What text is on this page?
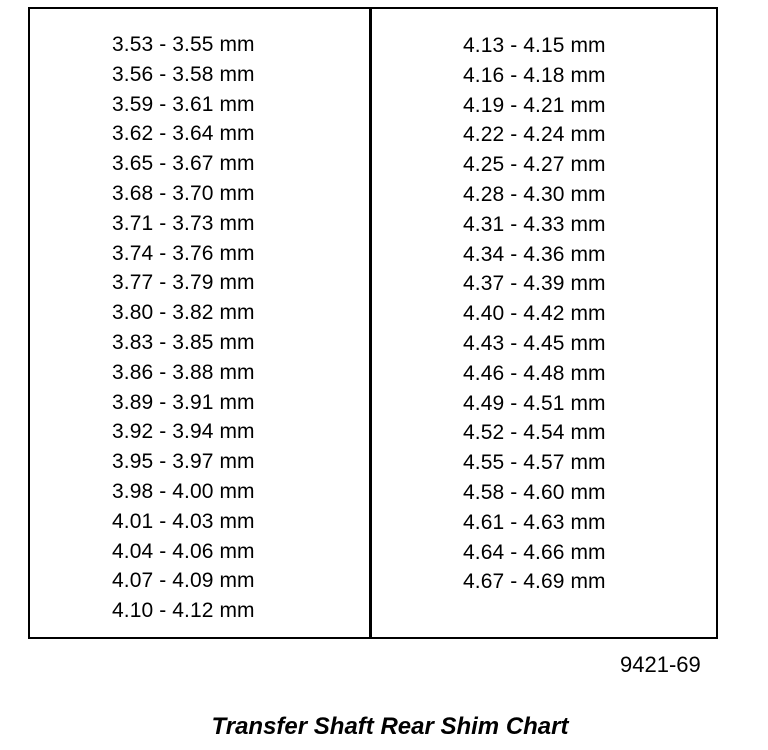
3.53 - 3.55 mm
3.56 - 3.58 mm
3.59 - 3.61 mm
3.62 - 3.64 mm
3.65 - 3.67 mm
3.68 - 3.70 mm
3.71 - 3.73 mm
3.74 - 3.76 mm
3.77 - 3.79 mm
3.80 - 3.82 mm
3.83 - 3.85 mm
3.86 - 3.88 mm
3.89 - 3.91 mm
3.92 - 3.94 mm
3.95 - 3.97 mm
3.98 - 4.00 mm
4.01 - 4.03 mm
4.04 - 4.06 mm
4.07 - 4.09 mm
4.10 - 4.12 mm
4.13 - 4.15 mm
4.16 - 4.18 mm
4.19 - 4.21 mm
4.22 - 4.24 mm
4.25 - 4.27 mm
4.28 - 4.30 mm
4.31 - 4.33 mm
4.34 - 4.36 mm
4.37 - 4.39 mm
4.40 - 4.42 mm
4.43 - 4.45 mm
4.46 - 4.48 mm
4.49 - 4.51 mm
4.52 - 4.54 mm
4.55 - 4.57 mm
4.58 - 4.60 mm
4.61 - 4.63 mm
4.64 - 4.66 mm
4.67 - 4.69 mm
9421-69
Transfer Shaft Rear Shim Chart
